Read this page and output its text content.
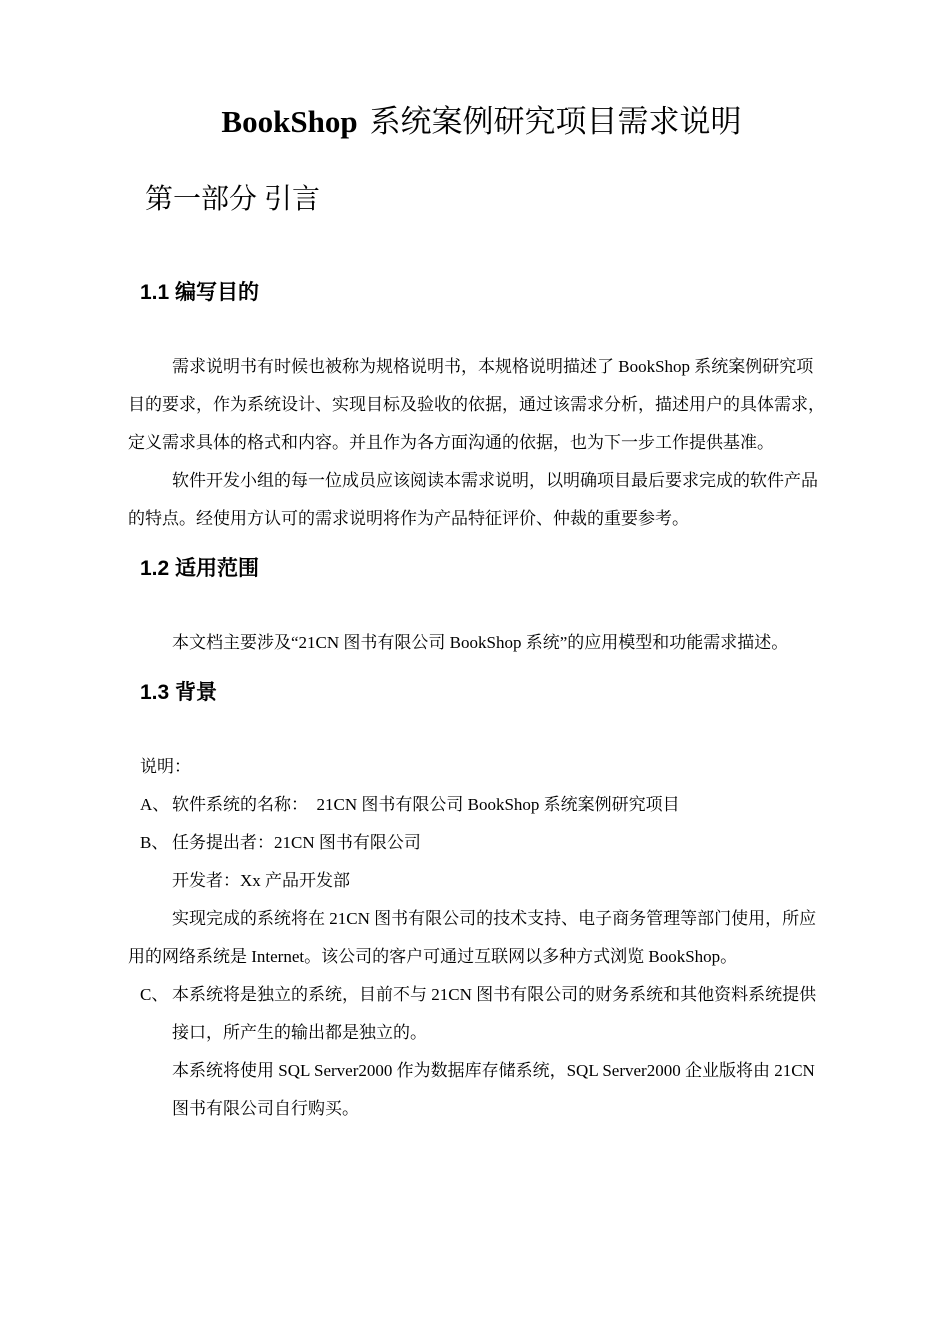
BookShop 系统案例研究项目需求说明
第一部分 引言
1.1 编写目的
需求说明书有时候也被称为规格说明书，本规格说明描述了 BookShop 系统案例研究项
目的要求，作为系统设计、实现目标及验收的依据，通过该需求分析，描述用户的具体需求，
定义需求具体的格式和内容。并且作为各方面沟通的依据，也为下一步工作提供基准。
软件开发小组的每一位成员应该阅读本需求说明，以明确项目最后要求完成的软件产品
的特点。经使用方认可的需求说明将作为产品特征评价、仲裁的重要参考。
1.2 适用范围
本文档主要涉及“21CN 图书有限公司 BookShop 系统”的应用模型和功能需求描述。
1.3 背景
说明：
A、 软件系统的名称：　21CN 图书有限公司 BookShop 系统案例研究项目
B、 任务提出者：21CN 图书有限公司
开发者：Xx 产品开发部
实现完成的系统将在 21CN 图书有限公司的技术支持、电子商务管理等部门使用，所应
用的网络系统是 Internet。该公司的客户可通过互联网以多种方式浏览 BookShop。
C、 本系统将是独立的系统，目前不与 21CN 图书有限公司的财务系统和其他资料系统提供
接口，所产生的输出都是独立的。
本系统将使用 SQL Server2000 作为数据库存储系统，SQL Server2000 企业版将由 21CN
图书有限公司自行购买。
